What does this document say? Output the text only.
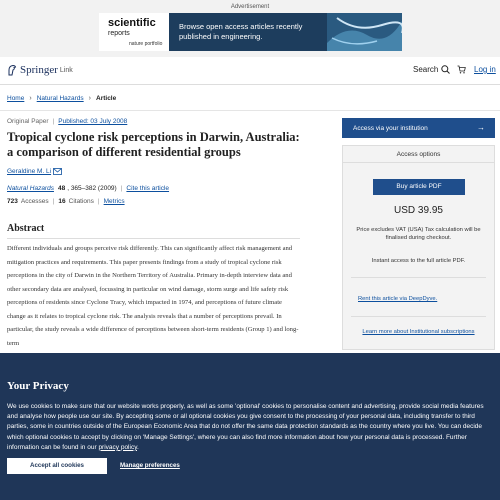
Advertisement
scientific
reports
nature portfolio
Browse open access articles recently published in engineering.
Springer Link	Search	Log in
Home › Natural Hazards › Article
Original Paper | Published: 03 July 2008
Tropical cyclone risk perceptions in Darwin, Australia: a comparison of different residential groups
Geraldine M. Li
Natural Hazards 48 , 365–382 (2009) | Cite this article
723 Accesses | 16 Citations | Metrics
Abstract

Different individuals and groups perceive risk differently. This can significantly affect risk management and mitigation practices and requirements. This paper presents findings from a study of tropical cyclone risk perceptions in the city of Darwin in the Northern Territory of Australia. Primary in-depth interview data and other secondary data are analysed, focussing in particular on wind damage, storm surge and life safety risk perceptions of residents since Cyclone Tracy, which impacted in 1974, and perceptions of future climate change as it relates to tropical cyclone risk. The analysis reveals that a number of perceptions prevail. In particular, the study reveals a wide difference of perceptions between short-term residents (Group 1) and long-term

Access via your institution	→
Access options
Buy article PDF
USD 39.95
Price excludes VAT (USA) Tax calculation will be finalised during checkout.
Instant access to the full article PDF.
Rent this article via DeepDyve.
Learn more about Institutional subscriptions
Your Privacy

We use cookies to make sure that our website works properly, as well as some 'optional' cookies to personalise content and advertising, provide social media features and analyse how people use our site. By accepting some or all optional cookies you give consent to the processing of your personal data, including transfer to third parties, some in countries outside of the European Economic Area that do not offer the same data protection standards as the country where you live. You can decide which optional cookies to accept by clicking on 'Manage Settings', where you can also find more information about how your personal data is processed. Further information can be found in our privacy policy.

Accept all cookies	Manage preferences
